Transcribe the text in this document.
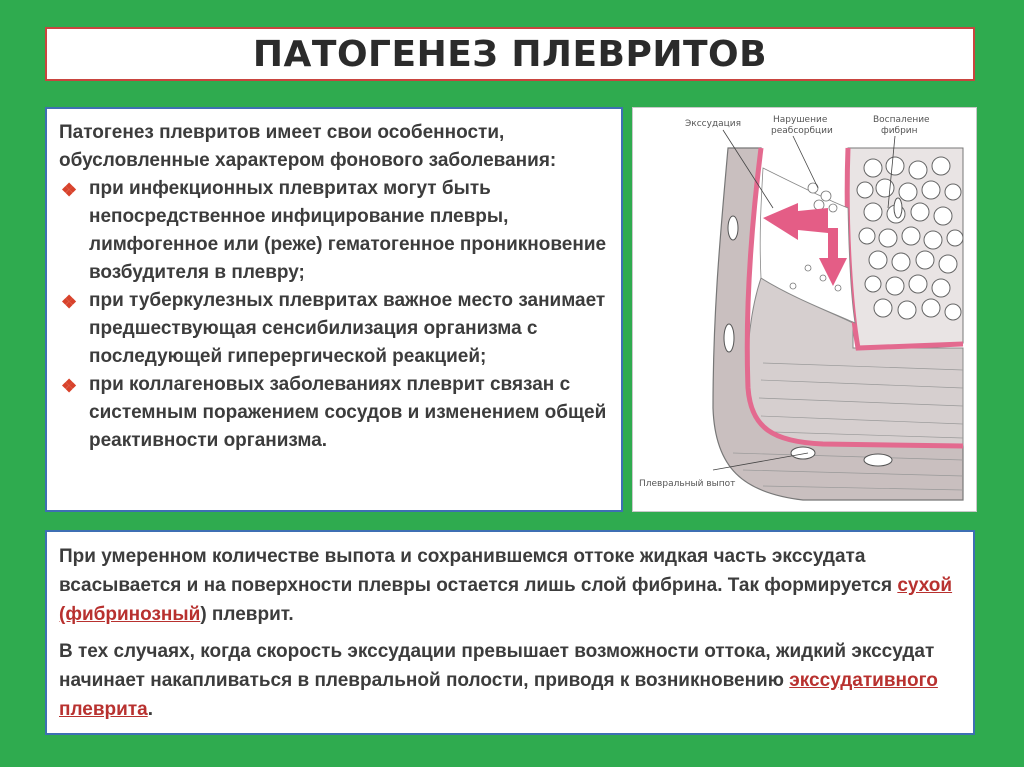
ПАТОГЕНЕЗ ПЛЕВРИТОВ

Патогенез плевритов имеет свои особенности, обусловленные характером фонового заболевания:

❖ при инфекционных плевритах могут быть непосредственное инфицирование плевры, лимфогенное или (реже) гематогенное проникновение возбудителя в плевру;
❖ при туберкулезных плевритах важное место занимает предшествующая сенсибилизация организма с последующей гиперергической реакцией;
❖ при коллагеновых заболеваниях плеврит связан с системным поражением сосудов и изменением общей реактивности организма.
Экссудация	Нарушение
реабсорбции
Воспаление
фибрин
Плевральный выпот

При умеренном количестве выпота и сохранившемся оттоке жидкая часть экссудата всасывается и на поверхности плевры остается лишь слой фибрина. Так формируется сухой (фибринозный) плеврит.

В тех случаях, когда скорость экссудации превышает возможности оттока, жидкий экссудат начинает накапливаться в плевральной полости, приводя к возникновению экссудативного плеврита.
